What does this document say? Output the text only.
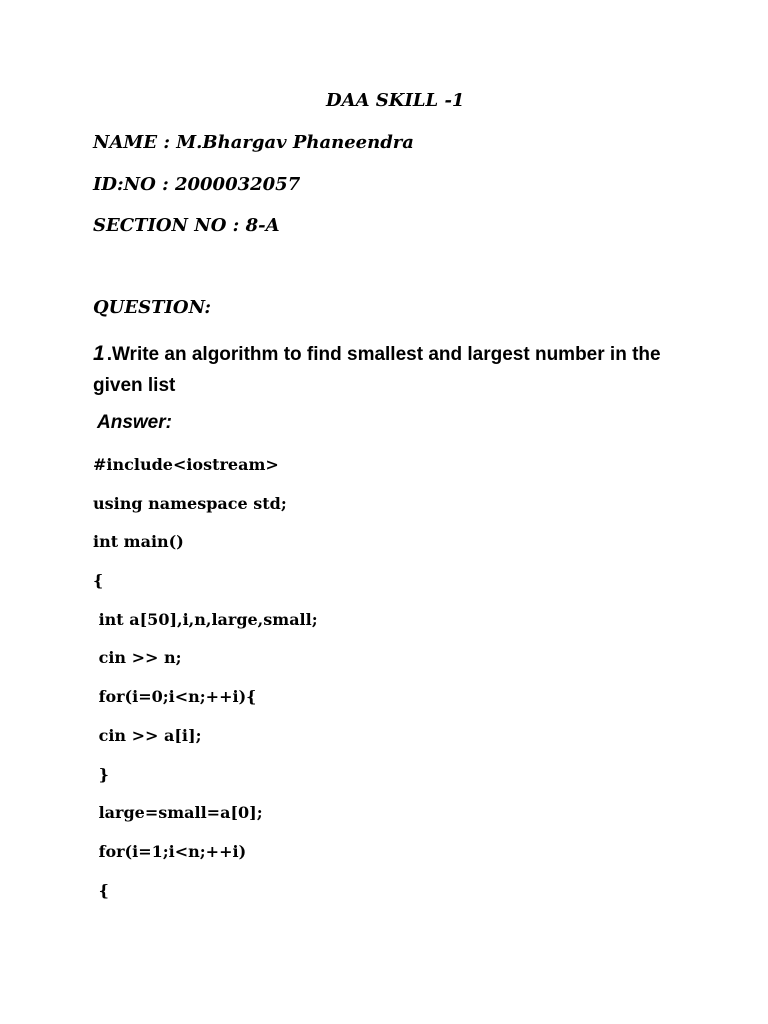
DAA SKILL -1
NAME : M.Bhargav Phaneendra
ID:NO : 2000032057
SECTION NO : 8-A
QUESTION:
1 .Write an algorithm to find smallest and largest number in the given list
Answer:
#include<iostream>
using namespace std;
int main()
{
int a[50],i,n,large,small;
cin >> n;
for(i=0;i<n;++i){
cin >> a[i];
}
large=small=a[0];
for(i=1;i<n;++i)
{
